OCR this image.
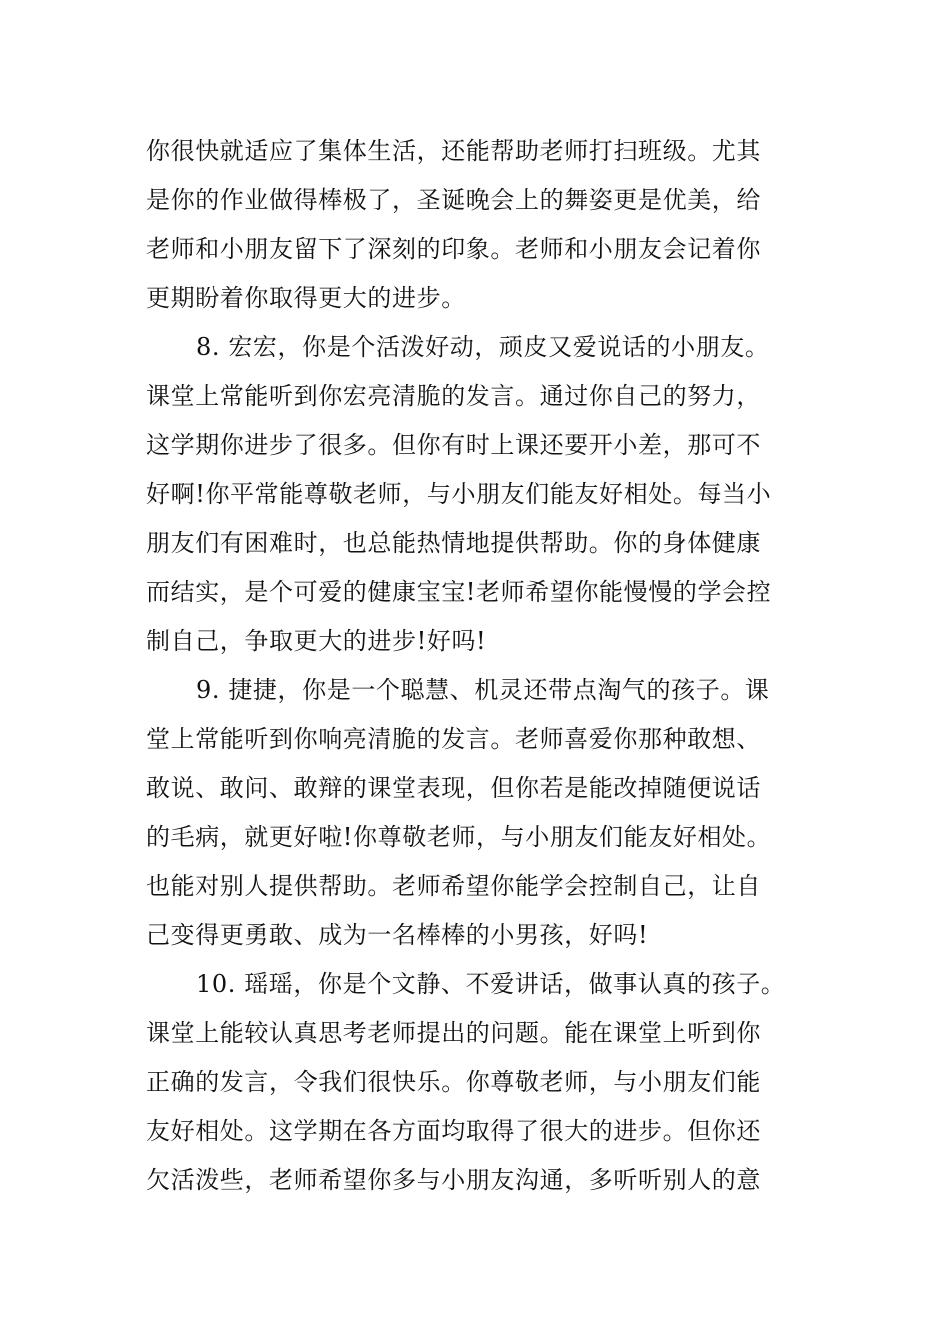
你很快就适应了集体生活，还能帮助老师打扫班级。尤其
是你的作业做得棒极了，圣诞晚会上的舞姿更是优美，给
老师和小朋友留下了深刻的印象。老师和小朋友会记着你
更期盼着你取得更大的进步。
8. 宏宏，你是个活泼好动，顽皮又爱说话的小朋友。
课堂上常能听到你宏亮清脆的发言。通过你自己的努力，
这学期你进步了很多。但你有时上课还要开小差，那可不
好啊!你平常能尊敬老师，与小朋友们能友好相处。每当小
朋友们有困难时，也总能热情地提供帮助。你的身体健康
而结实，是个可爱的健康宝宝!老师希望你能慢慢的学会控
制自己，争取更大的进步!好吗!
9. 捷捷，你是一个聪慧、机灵还带点淘气的孩子。课
堂上常能听到你响亮清脆的发言。老师喜爱你那种敢想、
敢说、敢问、敢辩的课堂表现，但你若是能改掉随便说话
的毛病，就更好啦!你尊敬老师，与小朋友们能友好相处。
也能对别人提供帮助。老师希望你能学会控制自己，让自
己变得更勇敢、成为一名棒棒的小男孩，好吗!
10. 瑶瑶，你是个文静、不爱讲话，做事认真的孩子。
课堂上能较认真思考老师提出的问题。能在课堂上听到你
正确的发言，令我们很快乐。你尊敬老师，与小朋友们能
友好相处。这学期在各方面均取得了很大的进步。但你还
欠活泼些，老师希望你多与小朋友沟通，多听听别人的意
